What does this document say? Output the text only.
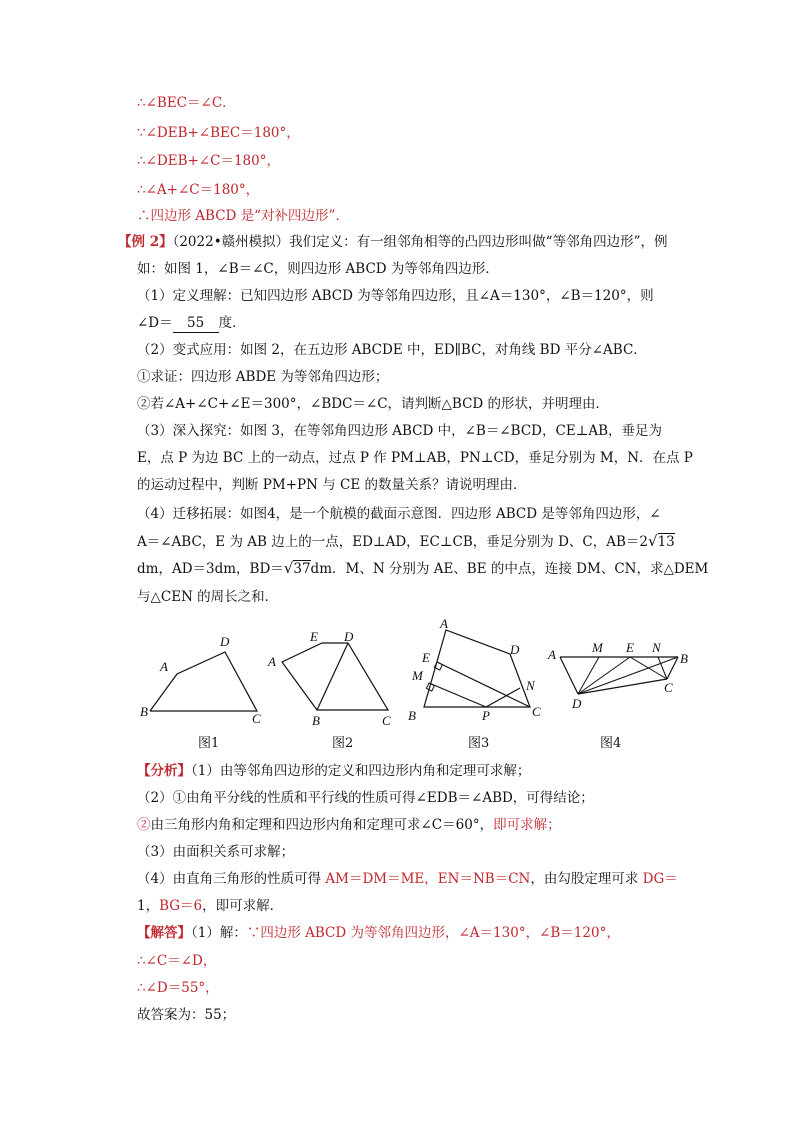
∴∠BEC＝∠C．
∵∠DEB+∠BEC＝180°，
∴∠DEB+∠C＝180°，
∴∠A+∠C＝180°，
∴四边形 ABCD 是“对补四边形”．
【例 2】（2022•赣州模拟）我们定义：有一组邻角相等的凸四边形叫做“等邻角四边形”，例
如：如图 1，∠B＝∠C，则四边形 ABCD 为等邻角四边形．
（1）定义理解：已知四边形 ABCD 为等邻角四边形，且∠A＝130°，∠B＝120°，则
∠D＝ 55 度．
（2）变式应用：如图 2，在五边形 ABCDE 中，ED∥BC，对角线 BD 平分∠ABC．
①求证：四边形 ABDE 为等邻角四边形；
②若∠A+∠C+∠E＝300°，∠BDC＝∠C，请判断△BCD 的形状，并明理由．
（3）深入探究：如图 3，在等邻角四边形 ABCD 中，∠B＝∠BCD，CE⊥AB，垂足为
E，点 P 为边 BC 上的一动点，过点 P 作 PM⊥AB，PN⊥CD，垂足分别为 M，N．在点 P
的运动过程中，判断 PM+PN 与 CE 的数量关系？请说明理由．
（4）迁移拓展：如图4，是一个航模的截面示意图．四边形 ABCD 是等邻角四边形，∠
A＝∠ABC，E 为 AB 边上的一点，ED⊥AD，EC⊥CB，垂足分别为 D、C，AB＝2√13
dm，AD＝3dm，BD＝√37dm．M、N 分别为 AE、BE 的中点，连接 DM、CN，求△DEM
与△CEN 的周长之和．
A
B	C
D
图1
A
B	C
D
E
图2
A
B	C
D
E
M
N
P
图3
A	M E N
B
C
D
图4
【分析】（1）由等邻角四边形的定义和四边形内角和定理可求解；
（2）①由角平分线的性质和平行线的性质可得∠EDB＝∠ABD，可得结论；
②由三角形内角和定理和四边形内角和定理可求∠C＝60°，即可求解；
（3）由面积关系可求解；
（4）由直角三角形的性质可得 AM＝DM＝ME，EN＝NB＝CN，由勾股定理可求 DG＝
1，BG＝6，即可求解．
【解答】（1）解：∵四边形 ABCD 为等邻角四边形，∠A＝130°，∠B＝120°，
∴∠C＝∠D，
∴∠D＝55°，
故答案为：55；
